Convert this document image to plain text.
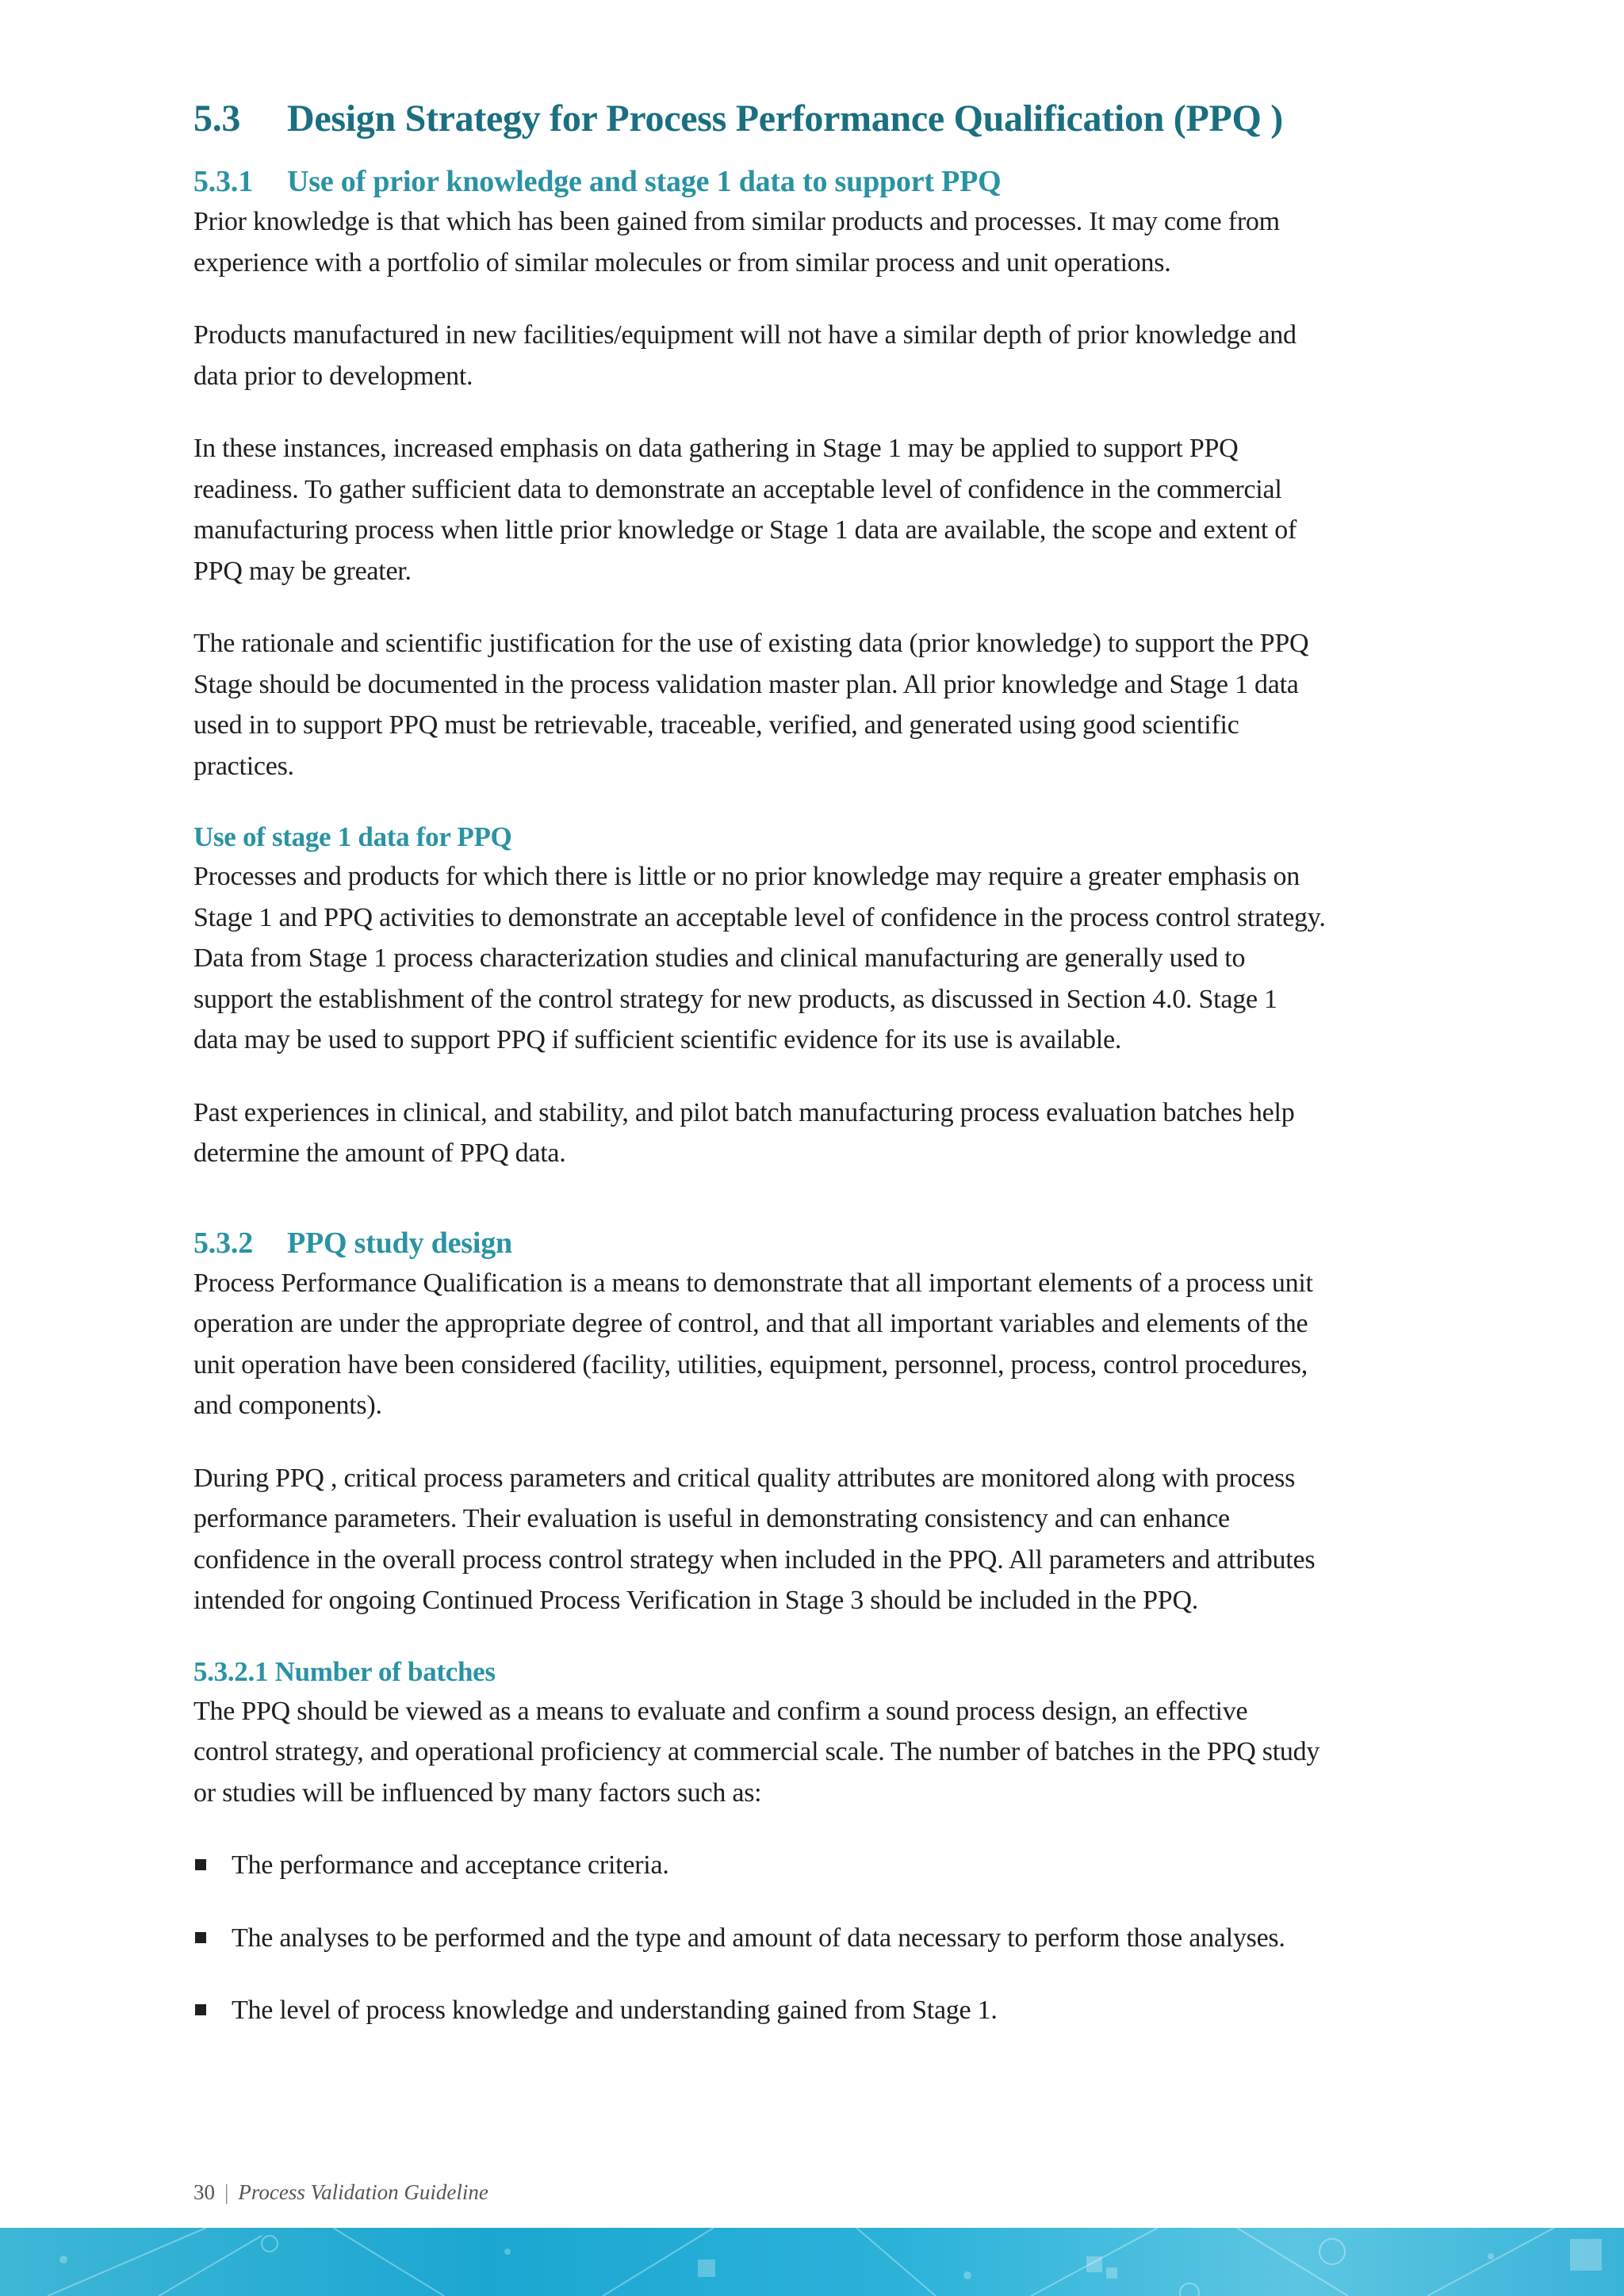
5.3 Design Strategy for Process Performance Qualification (PPQ )
5.3.1 Use of prior knowledge and stage 1 data to support PPQ

Prior knowledge is that which has been gained from similar products and processes. It may come from experience with a portfolio of similar molecules or from similar process and unit operations.

Products manufactured in new facilities/equipment will not have a similar depth of prior knowledge and data prior to development.

In these instances, increased emphasis on data gathering in Stage 1 may be applied to support PPQ readiness. To gather sufficient data to demonstrate an acceptable level of confidence in the commercial manufacturing process when little prior knowledge or Stage 1 data are available, the scope and extent of PPQ may be greater.

The rationale and scientific justification for the use of existing data (prior knowledge) to support the PPQ Stage should be documented in the process validation master plan. All prior knowledge and Stage 1 data used in to support PPQ must be retrievable, traceable, verified, and generated using good scientific practices.

Use of stage 1 data for PPQ

Processes and products for which there is little or no prior knowledge may require a greater emphasis on Stage 1 and PPQ activities to demonstrate an acceptable level of confidence in the process control strategy. Data from Stage 1 process characterization studies and clinical manufacturing are generally used to support the establishment of the control strategy for new products, as discussed in Section 4.0. Stage 1 data may be used to support PPQ if sufficient scientific evidence for its use is available.

Past experiences in clinical, and stability, and pilot batch manufacturing process evaluation batches help determine the amount of PPQ data.

5.3.2 PPQ study design

Process Performance Qualification is a means to demonstrate that all important elements of a process unit operation are under the appropriate degree of control, and that all important variables and elements of the unit operation have been considered (facility, utilities, equipment, personnel, process, control procedures, and components).

During PPQ , critical process parameters and critical quality attributes are monitored along with process performance parameters. Their evaluation is useful in demonstrating consistency and can enhance confidence in the overall process control strategy when included in the PPQ. All parameters and attributes intended for ongoing Continued Process Verification in Stage 3 should be included in the PPQ.

5.3.2.1 Number of batches

The PPQ should be viewed as a means to evaluate and confirm a sound process design, an effective control strategy, and operational proficiency at commercial scale. The number of batches in the PPQ study or studies will be influenced by many factors such as:

The performance and acceptance criteria.
The analyses to be performed and the type and amount of data necessary to perform those analyses.
The level of process knowledge and understanding gained from Stage 1.
30 | Process Validation Guideline
